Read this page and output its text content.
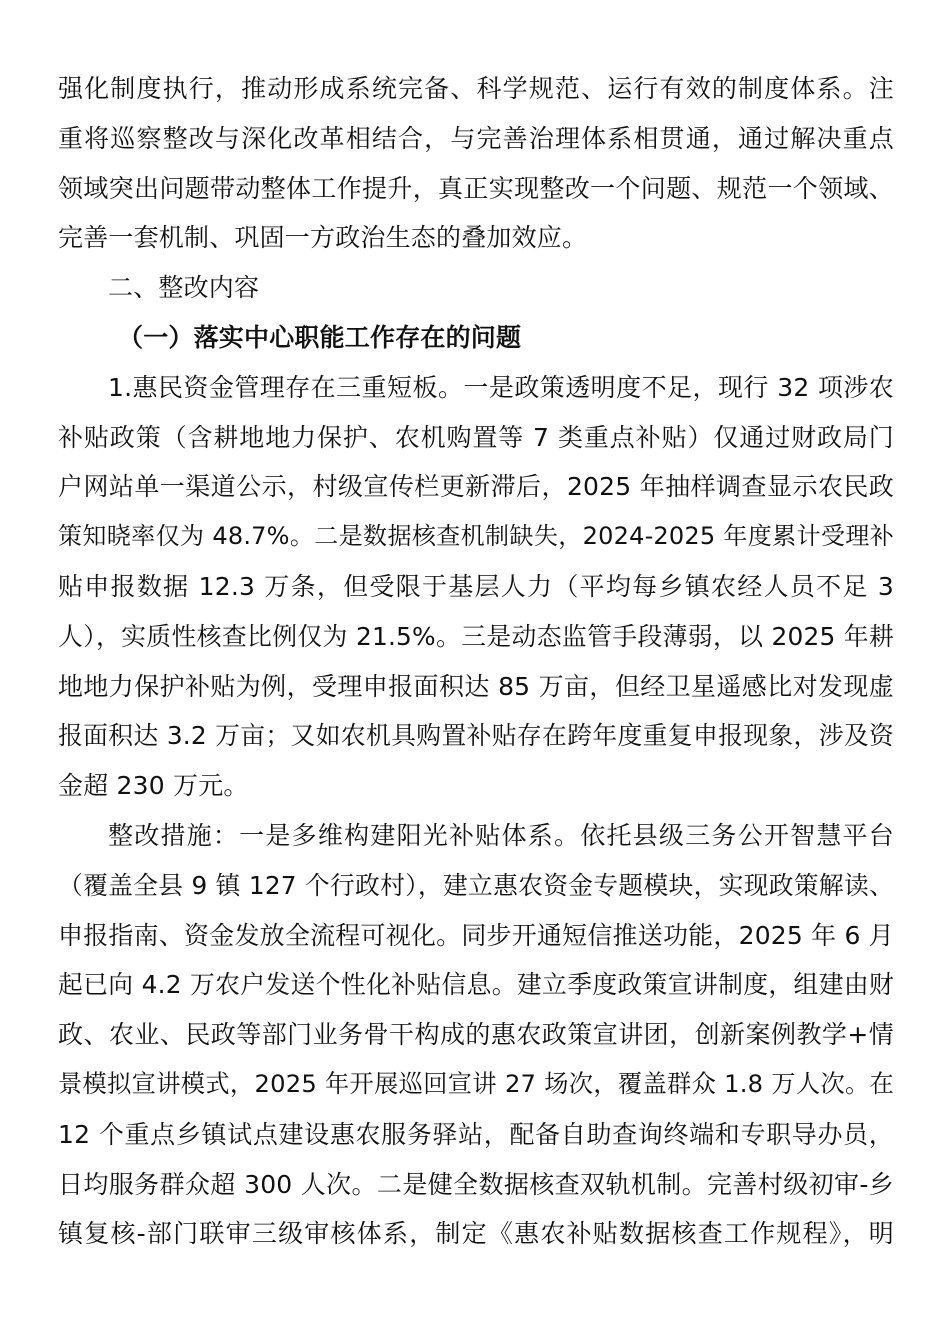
强化制度执行，推动形成系统完备、科学规范、运行有效的制度体系。注
重将巡察整改与深化改革相结合，与完善治理体系相贯通，通过解决重点
领域突出问题带动整体工作提升，真正实现整改一个问题、规范一个领域、
完善一套机制、巩固一方政治生态的叠加效应。
二、整改内容
（一）落实中心职能工作存在的问题
1.惠民资金管理存在三重短板。一是政策透明度不足，现行 32 项涉农
补贴政策（含耕地地力保护、农机购置等 7 类重点补贴）仅通过财政局门
户网站单一渠道公示，村级宣传栏更新滞后，2025 年抽样调查显示农民政
策知晓率仅为 48.7%。二是数据核查机制缺失，2024-2025 年度累计受理补
贴申报数据 12.3 万条，但受限于基层人力（平均每乡镇农经人员不足 3
人），实质性核查比例仅为 21.5%。三是动态监管手段薄弱，以 2025 年耕
地地力保护补贴为例，受理申报面积达 85 万亩，但经卫星遥感比对发现虚
报面积达 3.2 万亩；又如农机具购置补贴存在跨年度重复申报现象，涉及资
金超 230 万元。
整改措施：一是多维构建阳光补贴体系。依托县级三务公开智慧平台
（覆盖全县 9 镇 127 个行政村），建立惠农资金专题模块，实现政策解读、
申报指南、资金发放全流程可视化。同步开通短信推送功能，2025 年 6 月
起已向 4.2 万农户发送个性化补贴信息。建立季度政策宣讲制度，组建由财
政、农业、民政等部门业务骨干构成的惠农政策宣讲团，创新案例教学+情
景模拟宣讲模式，2025 年开展巡回宣讲 27 场次，覆盖群众 1.8 万人次。在
12 个重点乡镇试点建设惠农服务驿站，配备自助查询终端和专职导办员，
日均服务群众超 300 人次。二是健全数据核查双轨机制。完善村级初审-乡
镇复核-部门联审三级审核体系，制定《惠农补贴数据核查工作规程》，明
